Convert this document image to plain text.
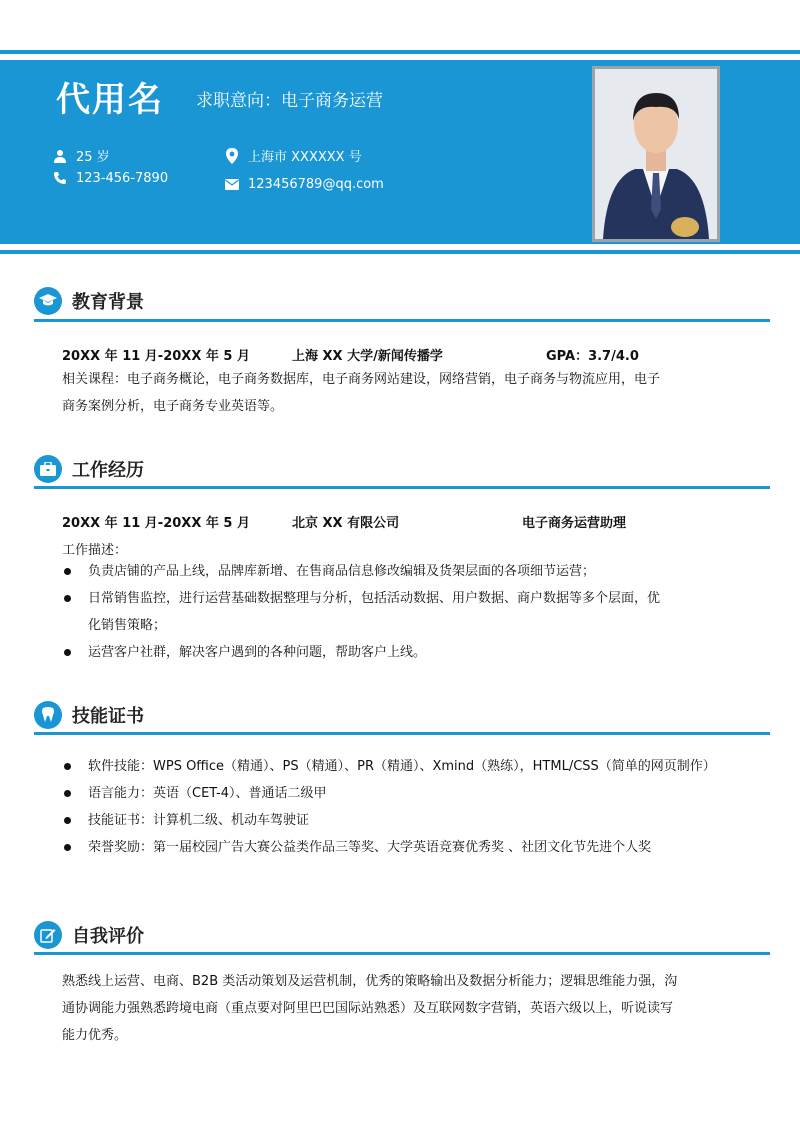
代用名 求职意向：电子商务运营
25 岁
123-456-7890
上海市 XXXXXX 号
123456789@qq.com
教育背景
20XX 年 11 月-20XX 年 5 月	上海 XX 大学/新闻传播学	GPA：3.7/4.0
相关课程：电子商务概论，电子商务数据库，电子商务网站建设，网络营销，电子商务与物流应用，电子
商务案例分析，电子商务专业英语等。
工作经历
20XX 年 11 月-20XX 年 5 月	北京 XX 有限公司	电子商务运营助理
工作描述：
负责店铺的产品上线，品牌库新增、在售商品信息修改编辑及货架层面的各项细节运营；
日常销售监控，进行运营基础数据整理与分析，包括活动数据、用户数据、商户数据等多个层面，优
化销售策略；
运营客户社群，解决客户遇到的各种问题，帮助客户上线。
技能证书
软件技能：WPS Office（精通）、PS（精通）、PR（精通）、Xmind（熟练），HTML/CSS（简单的网页制作）
语言能力：英语（CET-4）、普通话二级甲
技能证书：计算机二级、机动车驾驶证
荣誉奖励：第一届校园广告大赛公益类作品三等奖、大学英语竞赛优秀奖 、社团文化节先进个人奖
自我评价
熟悉线上运营、电商、B2B 类活动策划及运营机制，优秀的策略输出及数据分析能力；逻辑思维能力强，沟
通协调能力强熟悉跨境电商（重点要对阿里巴巴国际站熟悉）及互联网数字营销，英语六级以上，听说读写
能力优秀。
